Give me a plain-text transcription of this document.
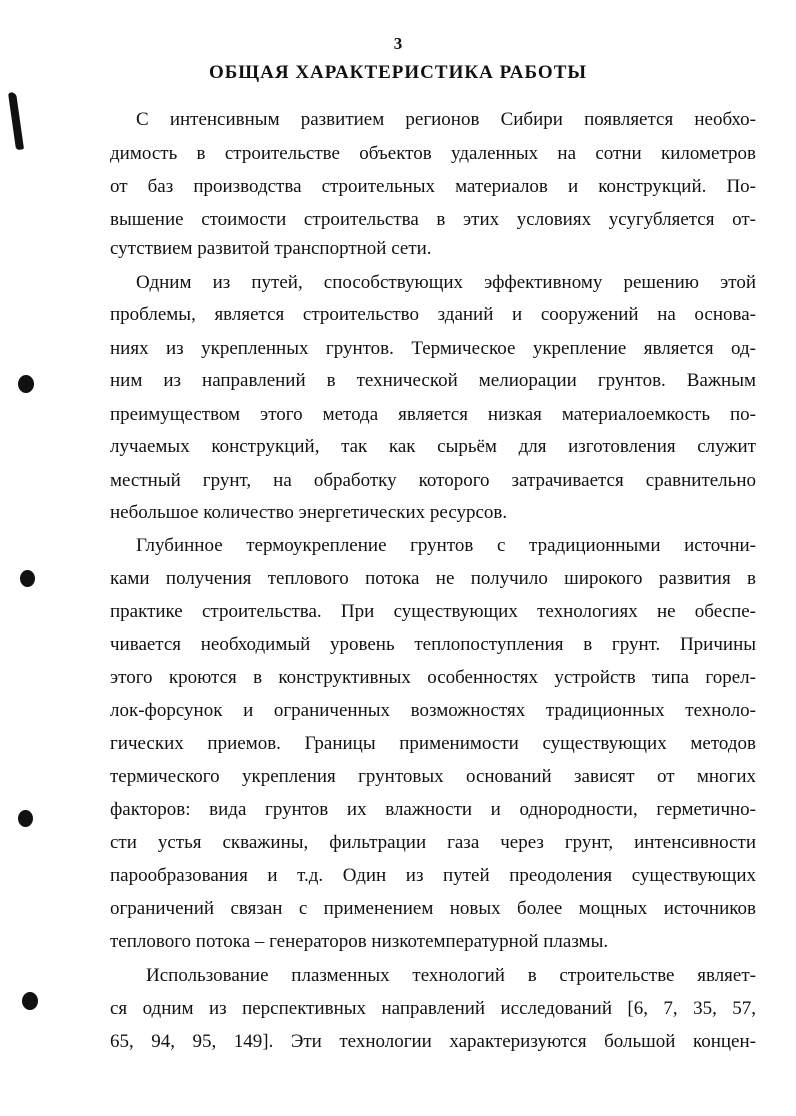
3
ОБЩАЯ ХАРАКТЕРИСТИКА РАБОТЫ
С интенсивным развитием регионов Сибири появляется необхо-
димость в строительстве объектов удаленных на сотни километров
от баз производства строительных материалов и конструкций. По-
вышение стоимости строительства в этих условиях усугубляется от-
сутствием развитой транспортной сети.
Одним из путей, способствующих эффективному решению этой
проблемы, является строительство зданий и сооружений на основа-
ниях из укрепленных грунтов. Термическое укрепление является од-
ним из направлений в технической мелиорации грунтов. Важным
преимуществом этого метода является низкая материалоемкость по-
лучаемых конструкций, так как сырьём для изготовления служит
местный грунт, на обработку которого затрачивается сравнительно
небольшое количество энергетических ресурсов.
Глубинное термоукрепление грунтов с традиционными источни-
ками получения теплового потока не получило широкого развития в
практике строительства. При существующих технологиях не обеспе-
чивается необходимый уровень теплопоступления в грунт. Причины
этого кроются в конструктивных особенностях устройств типа горел-
лок-форсунок и ограниченных возможностях традиционных техноло-
гических приемов. Границы применимости существующих методов
термического укрепления грунтовых оснований зависят от многих
факторов: вида грунтов их влажности и однородности, герметично-
сти устья скважины, фильтрации газа через грунт, интенсивности
парообразования и т.д. Один из путей преодоления существующих
ограничений связан с применением новых более мощных источников
теплового потока – генераторов низкотемпературной плазмы.
Использование плазменных технологий в строительстве являет-
ся одним из перспективных направлений исследований [6, 7, 35, 57,
65, 94, 95, 149]. Эти технологии характеризуются большой концен-
